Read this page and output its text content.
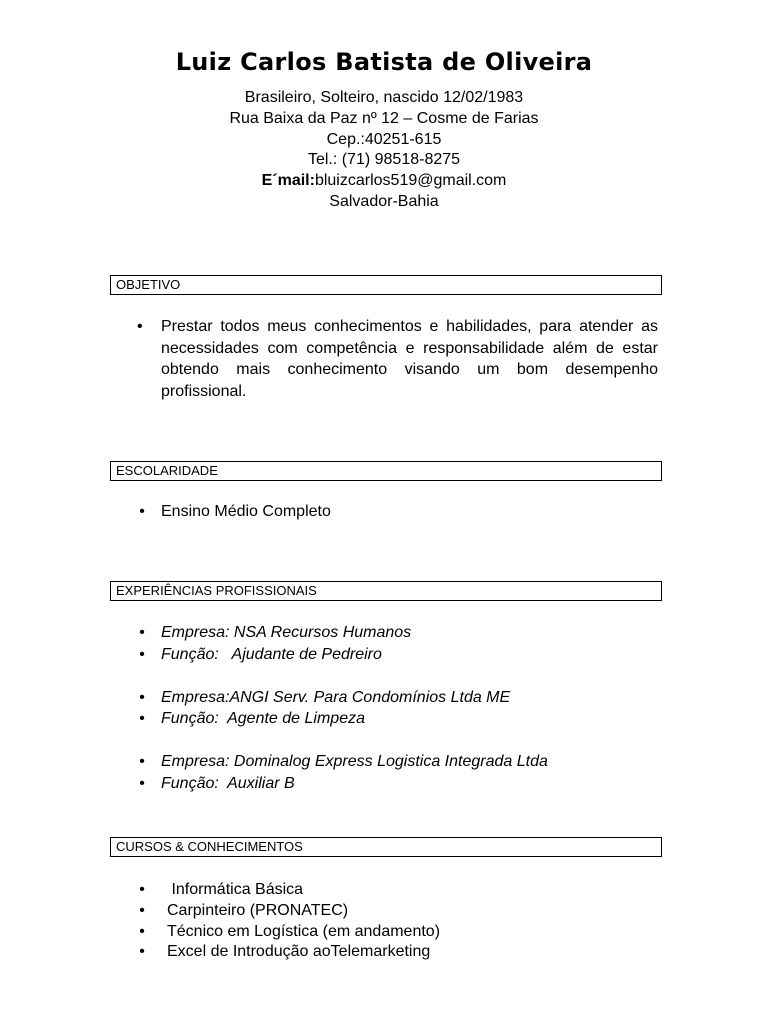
Luiz Carlos Batista de Oliveira
Brasileiro, Solteiro, nascido 12/02/1983
Rua Baixa da Paz nº 12 – Cosme de Farias
Cep.:40251-615
Tel.: (71) 98518-8275
E´mail:bluizcarlos519@gmail.com
Salvador-Bahia
OBJETIVO
• Prestar todos meus conhecimentos e habilidades, para atender as necessidades com competência e responsabilidade além de estar obtendo mais conhecimento visando um bom desempenho profissional.
ESCOLARIDADE
• Ensino Médio Completo
EXPERIÊNCIAS PROFISSIONAIS
• Empresa: NSA Recursos Humanos
• Função:   Ajudante de Pedreiro
• Empresa:ANGI Serv. Para Condomínios Ltda ME
• Função:  Agente de Limpeza
• Empresa: Dominalog Express Logistica Integrada Ltda
• Função:  Auxiliar B
CURSOS & CONHECIMENTOS
• Informática Básica
• Carpinteiro (PRONATEC)
• Técnico em Logística (em andamento)
• Excel de Introdução aoTelemarketing
